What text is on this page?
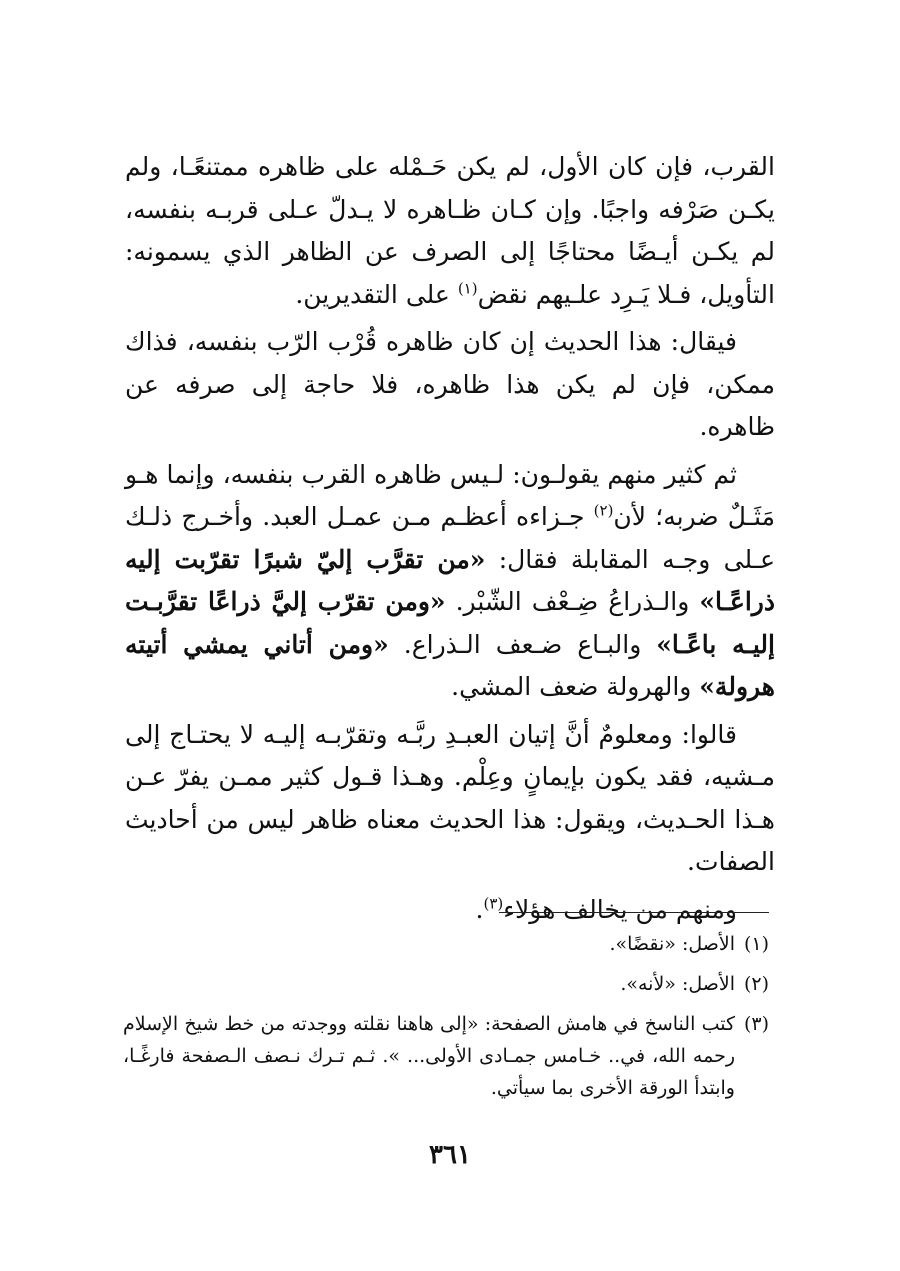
القرب، فإن كان الأول، لم يكن حَـمْله على ظاهره ممتنعًـا، ولم يكـن صَرْفه واجبًا. وإن كـان ظـاهره لا يـدلّ عـلى قربـه بنفسه، لم يكـن أيـضًا محتاجًا إلى الصرف عن الظاهر الذي يسمونه: التأويل، فـلا يَـرِد علـيهم نقض$^{(١)}$ على التقديرين.

فيقال: هذا الحديث إن كان ظاهره قُرْب الرّب بنفسه، فذاك ممكن، فإن لم يكن هذا ظاهره، فلا حاجة إلى صرفه عن ظاهره.

ثم كثير منهم يقولـون: لـيس ظاهره القرب بنفسه، وإنما هـو مَثَـلٌ ضربه؛ لأن$^{(٢)}$ جـزاءه أعظـم مـن عمـل العبد. وأخـرج ذلـك عـلى وجـه المقابلة فقال: «من تقرَّب إليّ شبرًا تقرّبت إليه ذراعًـا» والـذراعُ ضِـعْف الشّبْر. «ومن تقرّب إليَّ ذراعًا تقرَّبـت إليـه باعًـا» والبـاع ضـعف الـذراع. «ومن أتاني يمشي أتيته هرولة» والهرولة ضعف المشي.

قالوا: ومعلومٌ أنَّ إتيان العبـدِ ربَّـه وتقرّبـه إليـه لا يحتـاج إلى مـشيه، فقد يكون بإيمانٍ وعِلْم. وهـذا قـول كثير ممـن يفرّ عـن هـذا الحـديث، ويقول: هذا الحديث معناه ظاهر ليس من أحاديث الصفات.

ومنهم من يخالف هؤلاء$^{(٣)}$.

(١)
الأصل: «نقضًا».
(٢)
الأصل: «لأنه».
(٣)
كتب الناسخ في هامش الصفحة: «إلى هاهنا نقلته ووجدته من خط شيخ الإسلام رحمه الله، في.. خـامس جمـادى الأولى... ». ثـم تـرك نـصف الـصفحة فارغًـا، وابتدأ الورقة الأخرى بما سيأتي.
٣٦١
